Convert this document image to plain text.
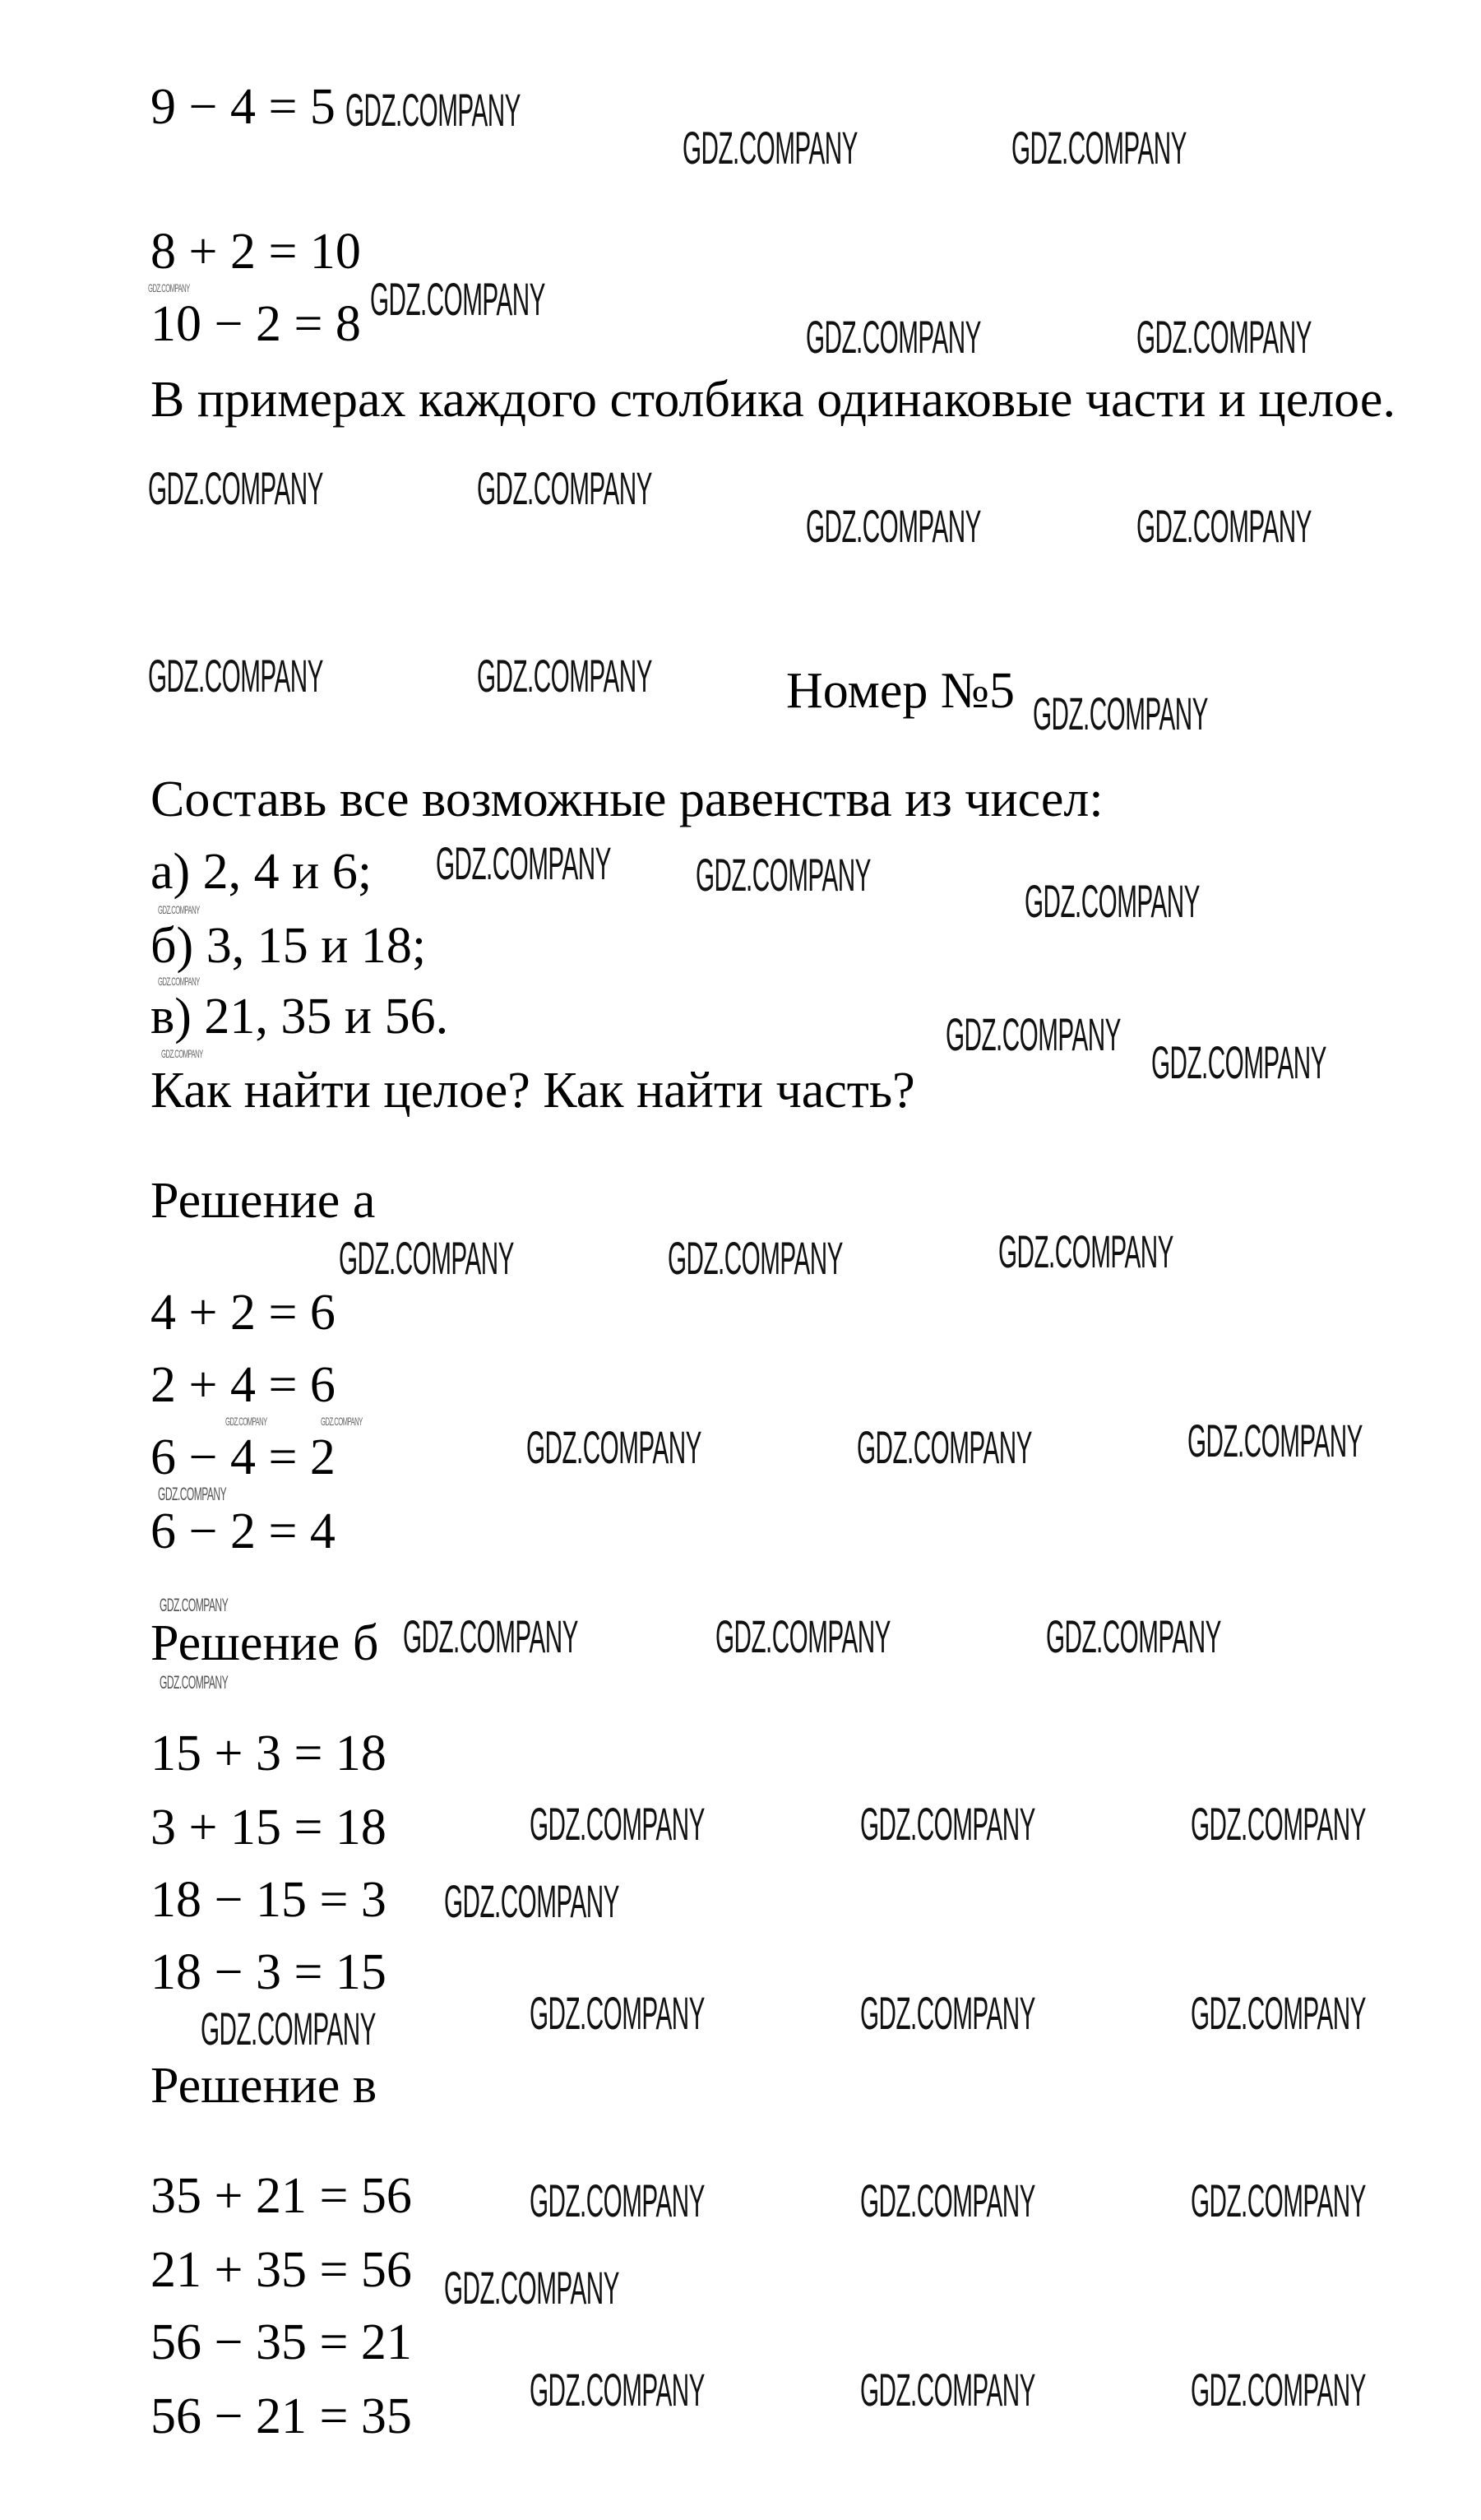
9 − 4 = 5
8 + 2 = 10
10 − 2 = 8
В примерах каждого столбика одинаковые части и целое.
Номер №5
Составь все возможные равенства из чисел:
а) 2, 4 и 6;
б) 3, 15 и 18;
в) 21, 35 и 56.
Как найти целое? Как найти часть?
Решение а
4 + 2 = 6
2 + 4 = 6
6 − 4 = 2
6 − 2 = 4
Решение б
15 + 3 = 18
3 + 15 = 18
18 − 15 = 3
18 − 3 = 15
Решение в
35 + 21 = 56
21 + 35 = 56
56 − 35 = 21
56 − 21 = 35
GDZ.COMPANY
GDZ.COMPANY	GDZ.COMPANY
GDZ.COMPANY
GDZ.COMPANY	GDZ.COMPANY
GDZ.COMPANY	GDZ.COMPANY
GDZ.COMPANY	GDZ.COMPANY
GDZ.COMPANY	GDZ.COMPANY
GDZ.COMPANY
GDZ.COMPANY GDZ.COMPANY
GDZ.COMPANY
GDZ.COMPANY
GDZ.COMPANY
GDZ.COMPANY	GDZ.COMPANY	GDZ.COMPANY
GDZ.COMPANY	GDZ.COMPANY	GDZ.COMPANY
GDZ.COMPANY	GDZ.COMPANY	GDZ.COMPANY
GDZ.COMPANY	GDZ.COMPANY	GDZ.COMPANY
GDZ.COMPANY
GDZ.COMPANY	GDZ.COMPANY	GDZ.COMPANY
GDZ.COMPANY
GDZ.COMPANY	GDZ.COMPANY	GDZ.COMPANY
GDZ.COMPANY
GDZ.COMPANY	GDZ.COMPANY	GDZ.COMPANY
GDZ.COMPANY
GDZ.COMPANY
GDZ.COMPANY
GDZ.COMPANY	GDZ.COMPANY
GDZ.COMPANY
GDZ.COMPANY
GDZ.COMPANY
GDZ.COMPANY
